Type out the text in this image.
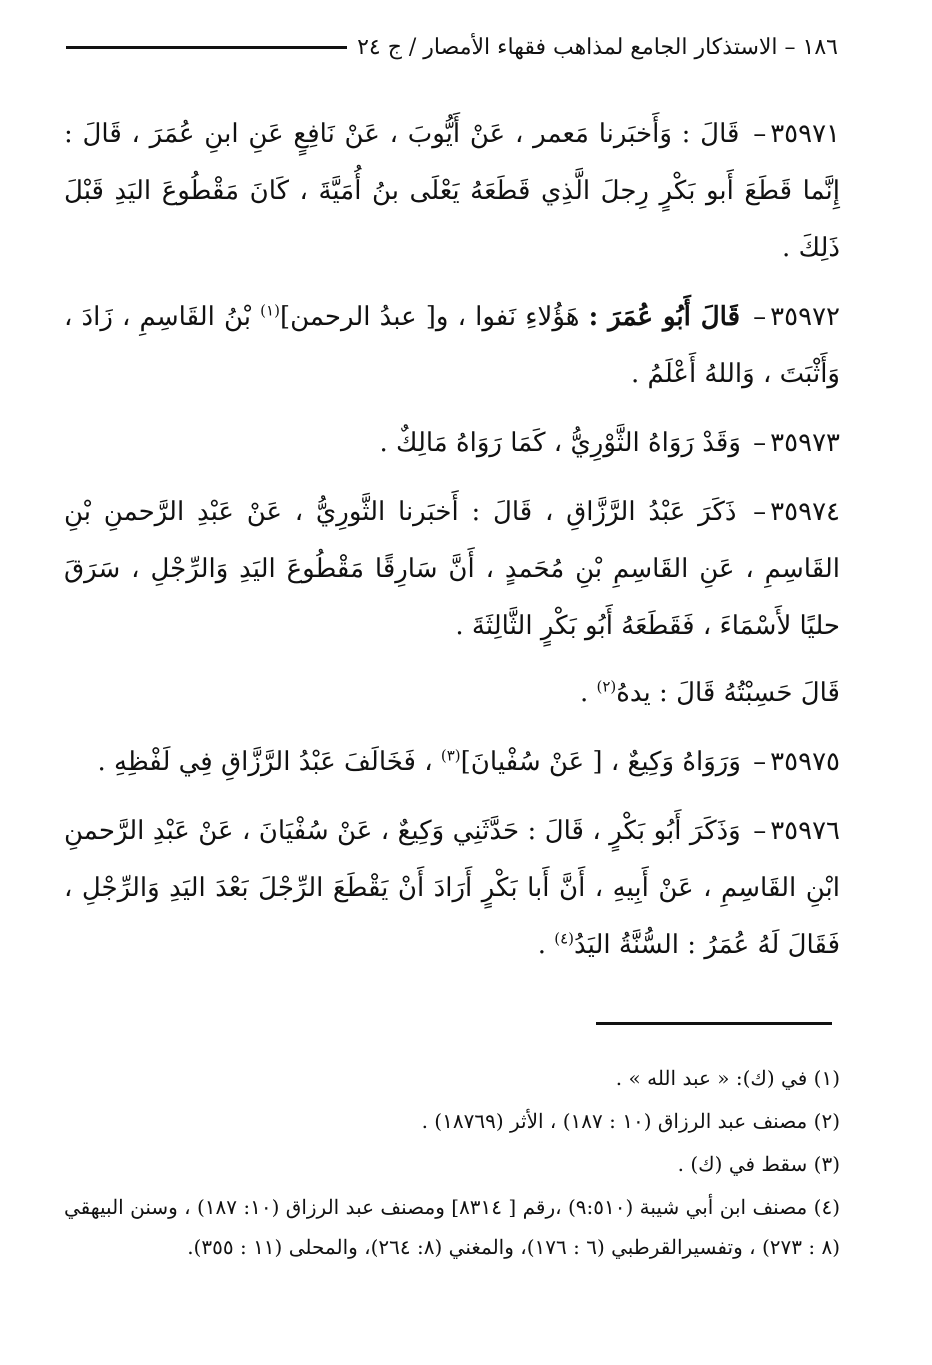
١٨٦ – الاستذكار الجامع لمذاهب فقهاء الأمصار / ج ٢٤

٣٥٩٧١– قَالَ : وَأَخبَرنا مَعمر ، عَنْ أَيُّوبَ ، عَنْ نَافِعٍ عَنِ ابنِ عُمَرَ ، قَالَ : إِنَّما قَطَعَ أَبو بَكْرٍ رِجلَ الَّذِي قَطَعَهُ يَعْلَى بنُ أُمَيَّةَ ، كَانَ مَقْطُوعَ اليَدِ قَبْلَ ذَلِكَ .

٣٥٩٧٢– قَالَ أَبُو عُمَرَ : هَؤُلاءِ نَفوا ، و[ عبدُ الرحمن]$^{(١)}$ بْنُ القَاسِمِ ، زَادَ ، وَأَثْبَتَ ، وَاللهُ أَعْلَمُ .

٣٥٩٧٣– وَقَدْ رَوَاهُ الثَّوْرِيُّ ، كَمَا رَوَاهُ مَالِكٌ .

٣٥٩٧٤– ذَكَرَ عَبْدُ الرَّزَّاقِ ، قَالَ : أَخبَرنا الثَّورِيُّ ، عَنْ عَبْدِ الرَّحمنِ بْنِ القَاسِمِ ، عَنِ القَاسِمِ بْنِ مُحَمدٍ ، أَنَّ سَارِقًا مَقْطُوعَ اليَدِ وَالرِّجْلِ ، سَرَقَ حليًا لأَسْمَاءَ ، فَقَطَعَهُ أَبُو بَكْرٍ الثَّالِثَةَ .

قَالَ حَسِبْتُهُ قَالَ : يدهُ$^{(٢)}$ .

٣٥٩٧٥– وَرَوَاهُ وَكِيعٌ ، [ عَنْ سُفْيانَ]$^{(٣)}$ ، فَخَالَفَ عَبْدُ الرَّزَّاقِ فِي لَفْظِهِ .

٣٥٩٧٦– وَذَكَرَ أَبُو بَكْرٍ ، قَالَ : حَدَّثَنِي وَكِيعٌ ، عَنْ سُفْيَانَ ، عَنْ عَبْدِ الرَّحمنِ ابْنِ القَاسِمِ ، عَنْ أَبِيهِ ، أَنَّ أَبا بَكْرٍ أَرَادَ أَنْ يَقْطَعَ الرِّجْلَ بَعْدَ اليَدِ وَالرِّجْلِ ، فَقَالَ لَهُ عُمَرُ : السُّنَّةُ اليَدُ$^{(٤)}$ .

(١) في (ك): « عبد الله » .

(٢) مصنف عبد الرزاق (١٠ : ١٨٧) ، الأثر (١٨٧٦٩) .

(٣) سقط في (ك) .

(٤) مصنف ابن أبي شيبة (٩:٥١٠) ،رقم [ ٨٣١٤] ومصنف عبد الرزاق (١٠: ١٨٧) ، وسنن البيهقي (٨ : ٢٧٣) ، وتفسيرالقرطبي (٦ : ١٧٦)، والمغني (٨: ٢٦٤)، والمحلى (١١ : ٣٥٥).
